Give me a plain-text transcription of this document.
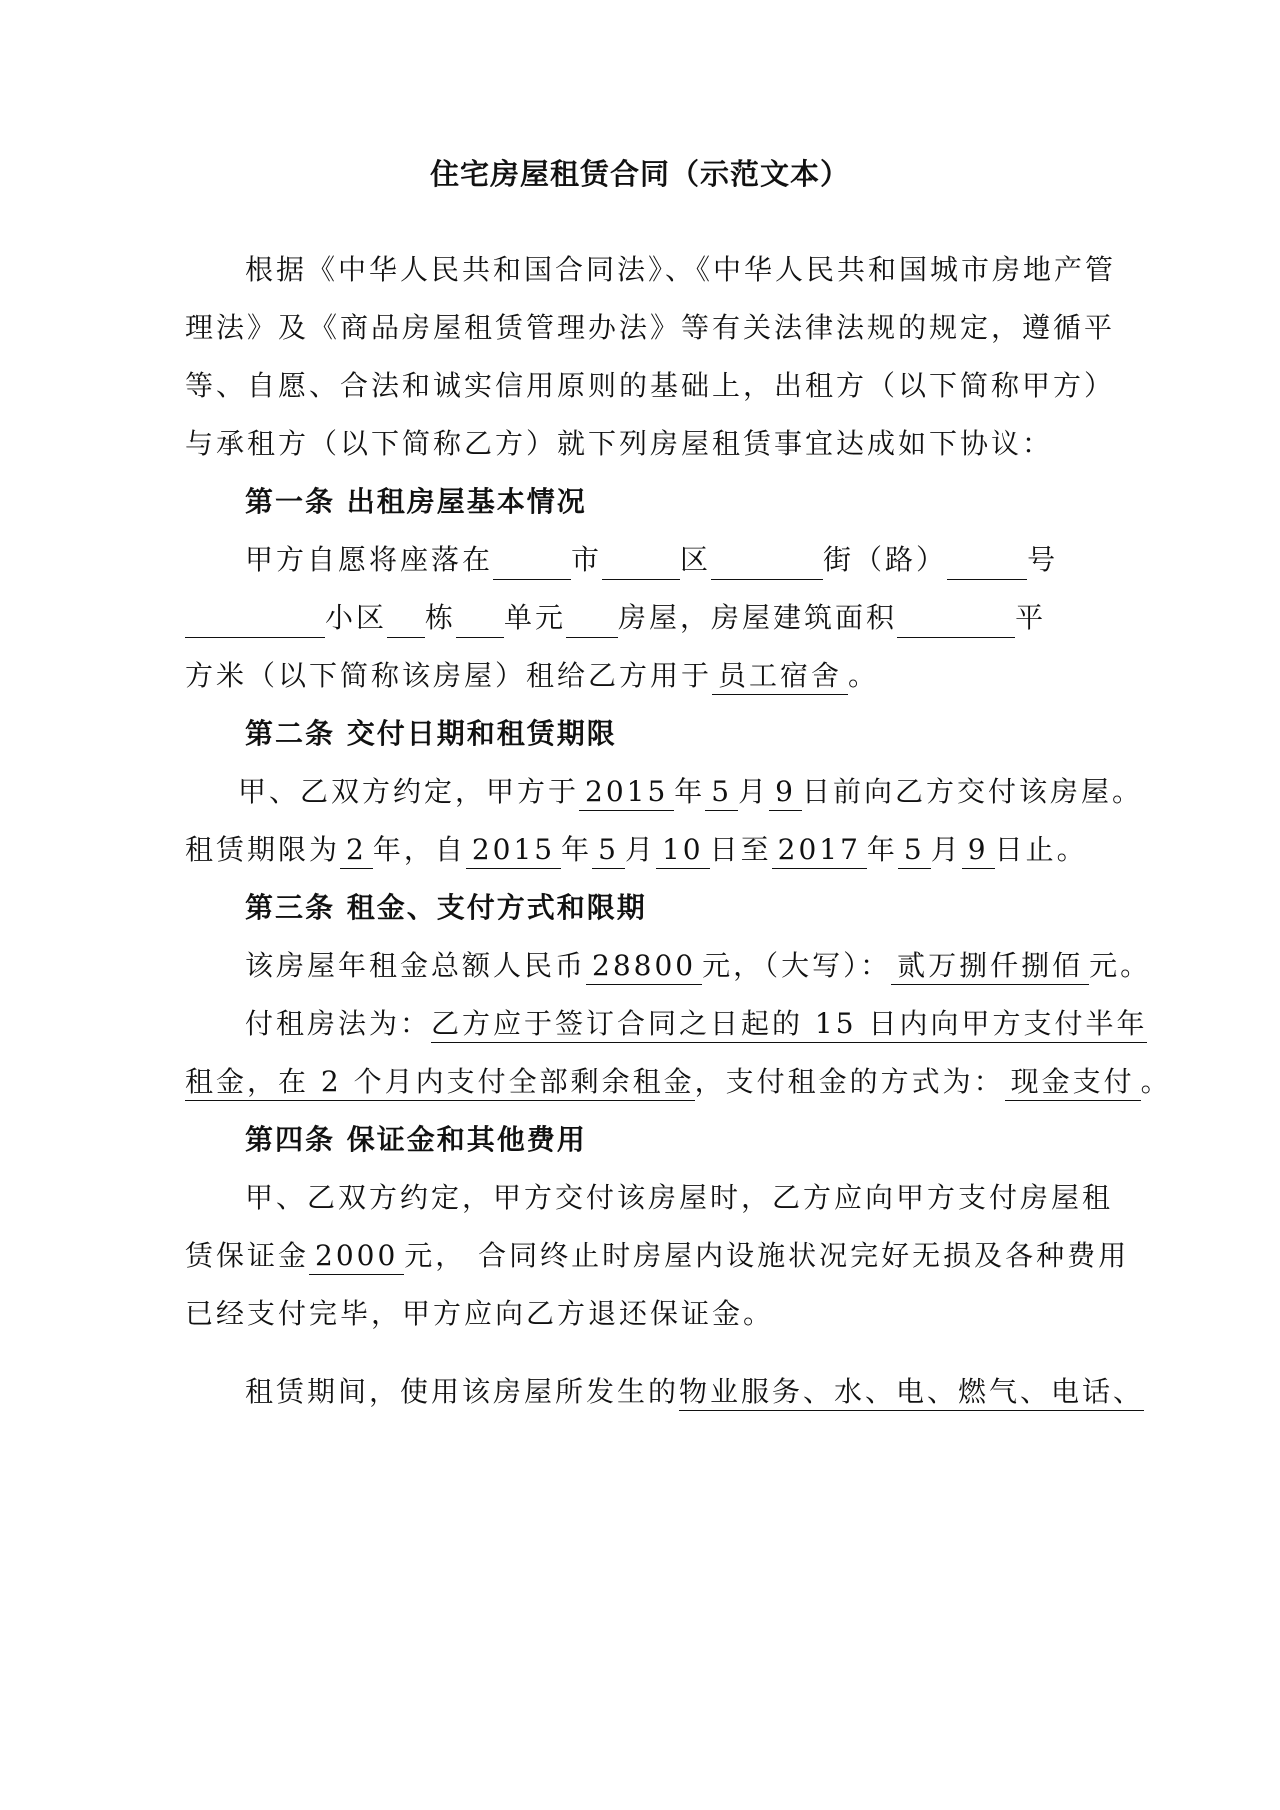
住宅房屋租赁合同（示范文本）
根据《中华人民共和国合同法》、《中华人民共和国城市房地产管
理法》及《商品房屋租赁管理办法》等有关法律法规的规定，遵循平
等、自愿、合法和诚实信用原则的基础上，出租方（以下简称甲方）
与承租方（以下简称乙方）就下列房屋租赁事宜达成如下协议：
第一条 出租房屋基本情况
甲方自愿将座落在	市	区	街（路）	号
小区 栋 单元 房屋，房屋建筑面积	平
方米（以下简称该房屋）租给乙方用于 员工宿舍 。
第二条 交付日期和租赁期限
甲、乙双方约定，甲方于 2015 年 5 月 9 日前向乙方交付该房屋。
租赁期限为 2 年，自 2015 年 5 月 10 日至 2017 年 5 月 9 日止。
第三条 租金、支付方式和限期
该房屋年租金总额人民币 28800 元，（大写）： 贰万捌仟捌佰 元。
付租房法为：乙方应于签订合同之日起的 15 日内向甲方支付半年
租金，在 2 个月内支付全部剩余租金，支付租金的方式为： 现金支付 。
第四条 保证金和其他费用
甲、乙双方约定，甲方交付该房屋时，乙方应向甲方支付房屋租
赁保证金 2000 元， 合同终止时房屋内设施状况完好无损及各种费用
已经支付完毕，甲方应向乙方退还保证金。
租赁期间，使用该房屋所发生的物业服务、水、电、燃气、电话、
